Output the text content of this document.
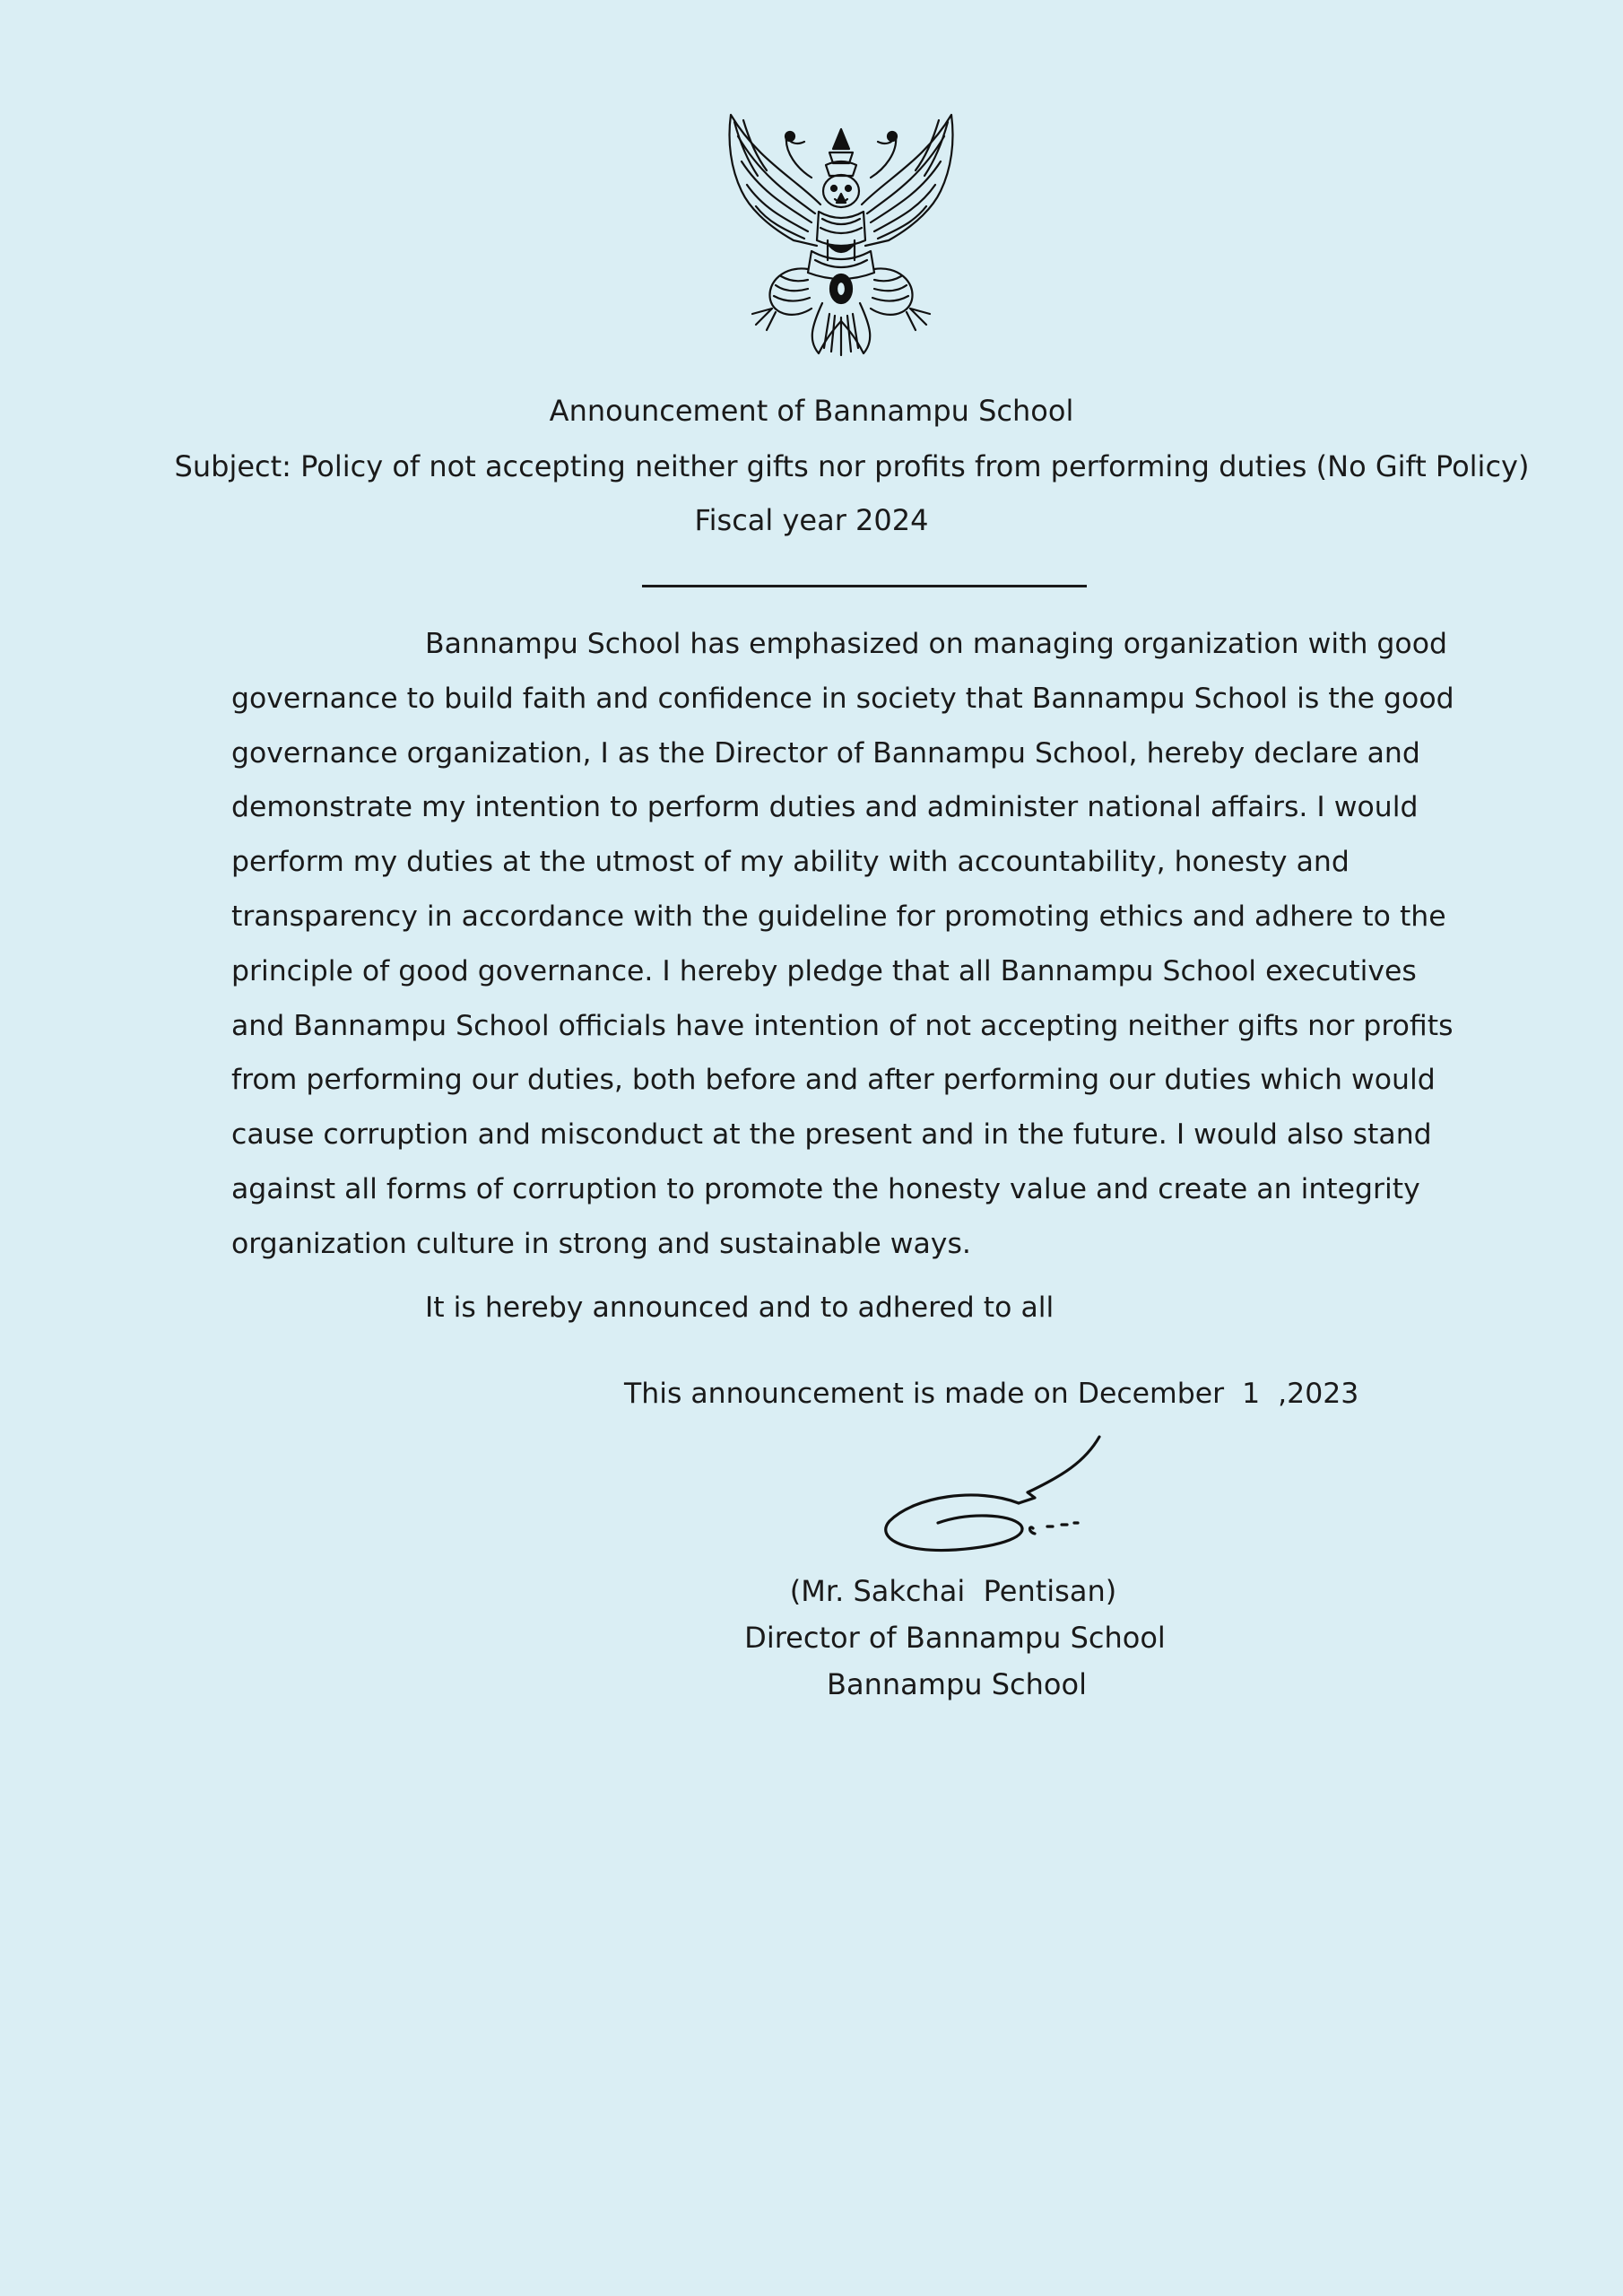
Announcement of Bannampu School
Subject: Policy of not accepting neither gifts nor profits from performing duties (No Gift Policy)
Fiscal year 2024

Bannampu School has emphasized on managing organization with good governance to build faith and confidence in society that Bannampu School is the good governance organization, I as the Director of Bannampu School, hereby declare and demonstrate my intention to perform duties and administer national affairs. I would perform my duties at the utmost of my ability with accountability, honesty and transparency in accordance with the guideline for promoting ethics and adhere to the principle of good governance. I hereby pledge that all Bannampu School executives and Bannampu School officials have intention of not accepting neither gifts nor profits from performing our duties, both before and after performing our duties which would cause corruption and misconduct at the present and in the future. I would also stand against all forms of corruption to promote the honesty value and create an integrity organization culture in strong and sustainable ways.

It is hereby announced and to adhered to all
This announcement is made on December  1  ,2023
(Mr. Sakchai  Pentisan)
Director of Bannampu School
Bannampu School
